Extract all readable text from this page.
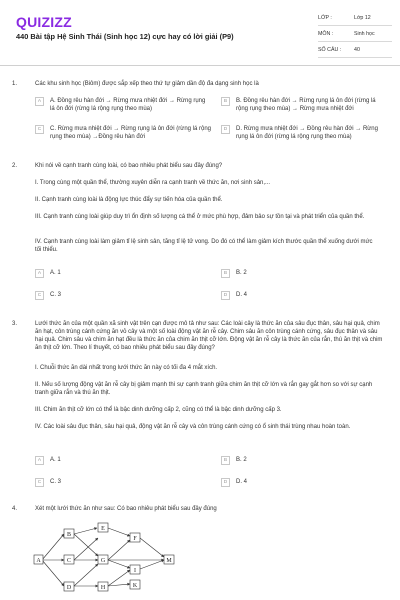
QUIZIZZ
440 Bài tập Hệ Sinh Thái (Sinh học 12) cực hay có lời giải (P9)
LỚP :	Lớp 12
MÔN :	Sinh học
SỐ CÂU :	40
1.	Các khu sinh học (Biôm) được sắp xếp theo thứ tự giảm dần độ đa dạng sinh học là
A	A. Đồng rêu hàn đới → Rừng mưa nhiệt đới → Rừng rụng lá ôn đới (rừng lá rộng rụng theo mùa)
B	B. Đồng rêu hàn đới → Rừng rụng lá ôn đới (rừng lá rộng rụng theo mùa) → Rừng mưa nhiệt đới
C	C. Rừng mưa nhiệt đới → Rừng rụng lá ôn đới (rừng lá rộng rụng theo mùa) →Đồng rêu hàn đới
D	D. Rừng mưa nhiệt đới → Đồng rêu hàn đới → Rừng rụng lá ôn đới (rừng lá rộng rụng theo mùa)
2.	Khi nói về cạnh tranh cùng loài, có bao nhiêu phát biểu sau đây đúng?
I. Trong cùng một quần thể, thường xuyên diễn ra cạnh tranh về thức ăn, nơi sinh sản,...
II. Cạnh tranh cùng loài là động lực thúc đẩy sự tiến hóa của quần thể.
III. Cạnh tranh cùng loài giúp duy trì ổn định số lượng cá thể ở mức phù hợp, đảm bảo sự tồn tại và phát triển của quần thể.
IV. Cạnh tranh cùng loài làm giảm tỉ lệ sinh sản, tăng tỉ lệ tử vong. Do đó có thể làm giảm kích thước quần thể xuống dưới mức tối thiểu.
A	A. 1	B	B. 2
C	C. 3	D	D. 4
3.	Lưới thức ăn của một quần xã sinh vật trên cạn được mô tả như sau: Các loài cây là thức ăn của sâu đục thân, sâu hại quả, chim ăn hạt, côn trùng cánh cứng ăn vỏ cây và một số loài động vật ăn rễ cây. Chim sâu ăn côn trùng cánh cứng, sâu đục thân và sâu hại quả. Chim sâu và chim ăn hạt đều là thức ăn của chim ăn thịt cỡ lớn. Động vật ăn rễ cây là thức ăn của rắn, thú ăn thịt và chim ăn thịt cỡ lớn. Theo lí thuyết, có bao nhiêu phát biểu sau đây đúng?
I. Chuỗi thức ăn dài nhất trong lưới thức ăn này có tối đa 4 mắt xích.
II. Nếu số lượng động vật ăn rễ cây bị giảm mạnh thì sự cạnh tranh giữa chim ăn thịt cỡ lớn và rắn gay gắt hơn so với sự cạnh tranh giữa rắn và thú ăn thịt.
III. Chim ăn thịt cỡ lớn có thể là bậc dinh dưỡng cấp 2, cũng có thể là bậc dinh dưỡng cấp 3.
IV. Các loài sâu đục thân, sâu hại quả, động vật ăn rễ cây và côn trùng cánh cứng có ổ sinh thái trùng nhau hoàn toàn.
A	A. 1	B	B. 2
C	C. 3	D	D. 4
4.	Xét một lưới thức ăn như sau: Có bao nhiêu phát biểu sau đây đúng
A
B
C
D
E
G
H
F
I
K
M
